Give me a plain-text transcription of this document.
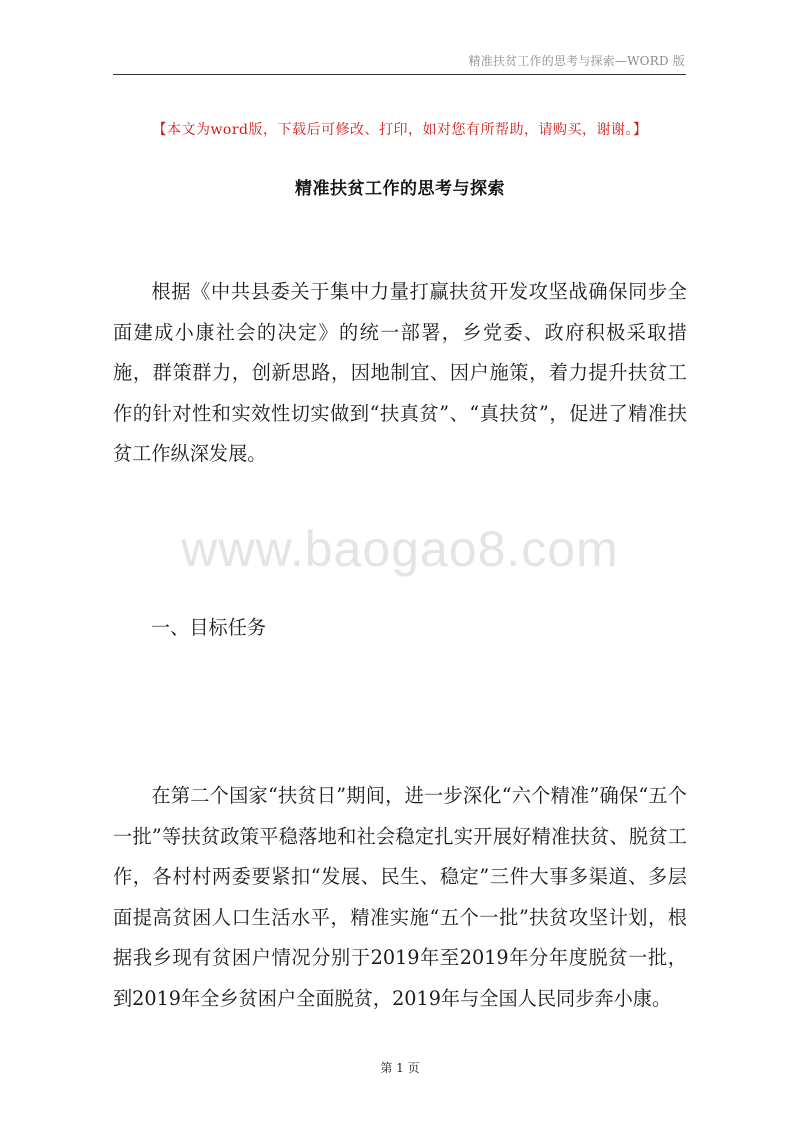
精准扶贫工作的思考与探索—WORD 版
【本文为word版，下载后可修改、打印，如对您有所帮助，请购买，谢谢。】
精准扶贫工作的思考与探索

根据《中共县委关于集中力量打赢扶贫开发攻坚战确保同步全面建成小康社会的决定》的统一部署，乡党委、政府积极采取措施，群策群力，创新思路，因地制宜、因户施策，着力提升扶贫工作的针对性和实效性切实做到“扶真贫”、“真扶贫”，促进了精准扶贫工作纵深发展。

www.baogao8.com
一、目标任务

在第二个国家“扶贫日”期间，进一步深化“六个精准”确保“五个一批”等扶贫政策平稳落地和社会稳定扎实开展好精准扶贫、脱贫工作，各村村两委要紧扣“发展、民生、稳定”三件大事多渠道、多层面提高贫困人口生活水平，精准实施“五个一批”扶贫攻坚计划，根据我乡现有贫困户情况分别于2019年至2019年分年度脱贫一批，到2019年全乡贫困户全面脱贫，2019年与全国人民同步奔小康。

第 1 页
